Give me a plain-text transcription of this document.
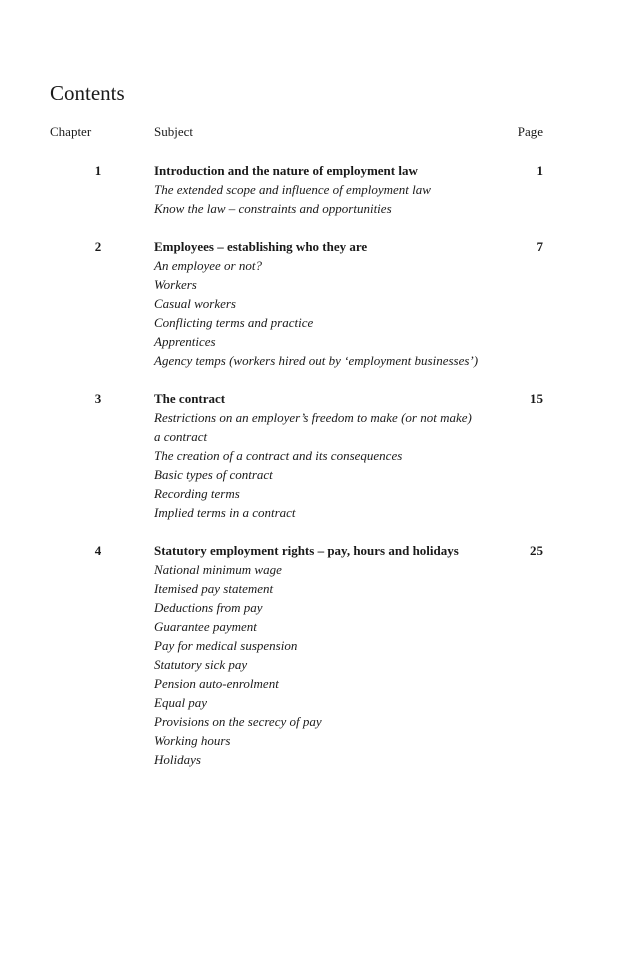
Contents
Chapter	Subject	Page
1	Introduction and the nature of employment law	1
The extended scope and influence of employment law
Know the law – constraints and opportunities
2	Employees – establishing who they are	7
An employee or not?
Workers
Casual workers
Conflicting terms and practice
Apprentices
Agency temps (workers hired out by ‘employment businesses’)
3	The contract	15
Restrictions on an employer’s freedom to make (or not make)
a contract
The creation of a contract and its consequences
Basic types of contract
Recording terms
Implied terms in a contract
4	Statutory employment rights – pay, hours and holidays	25
National minimum wage
Itemised pay statement
Deductions from pay
Guarantee payment
Pay for medical suspension
Statutory sick pay
Pension auto-enrolment
Equal pay
Provisions on the secrecy of pay
Working hours
Holidays
